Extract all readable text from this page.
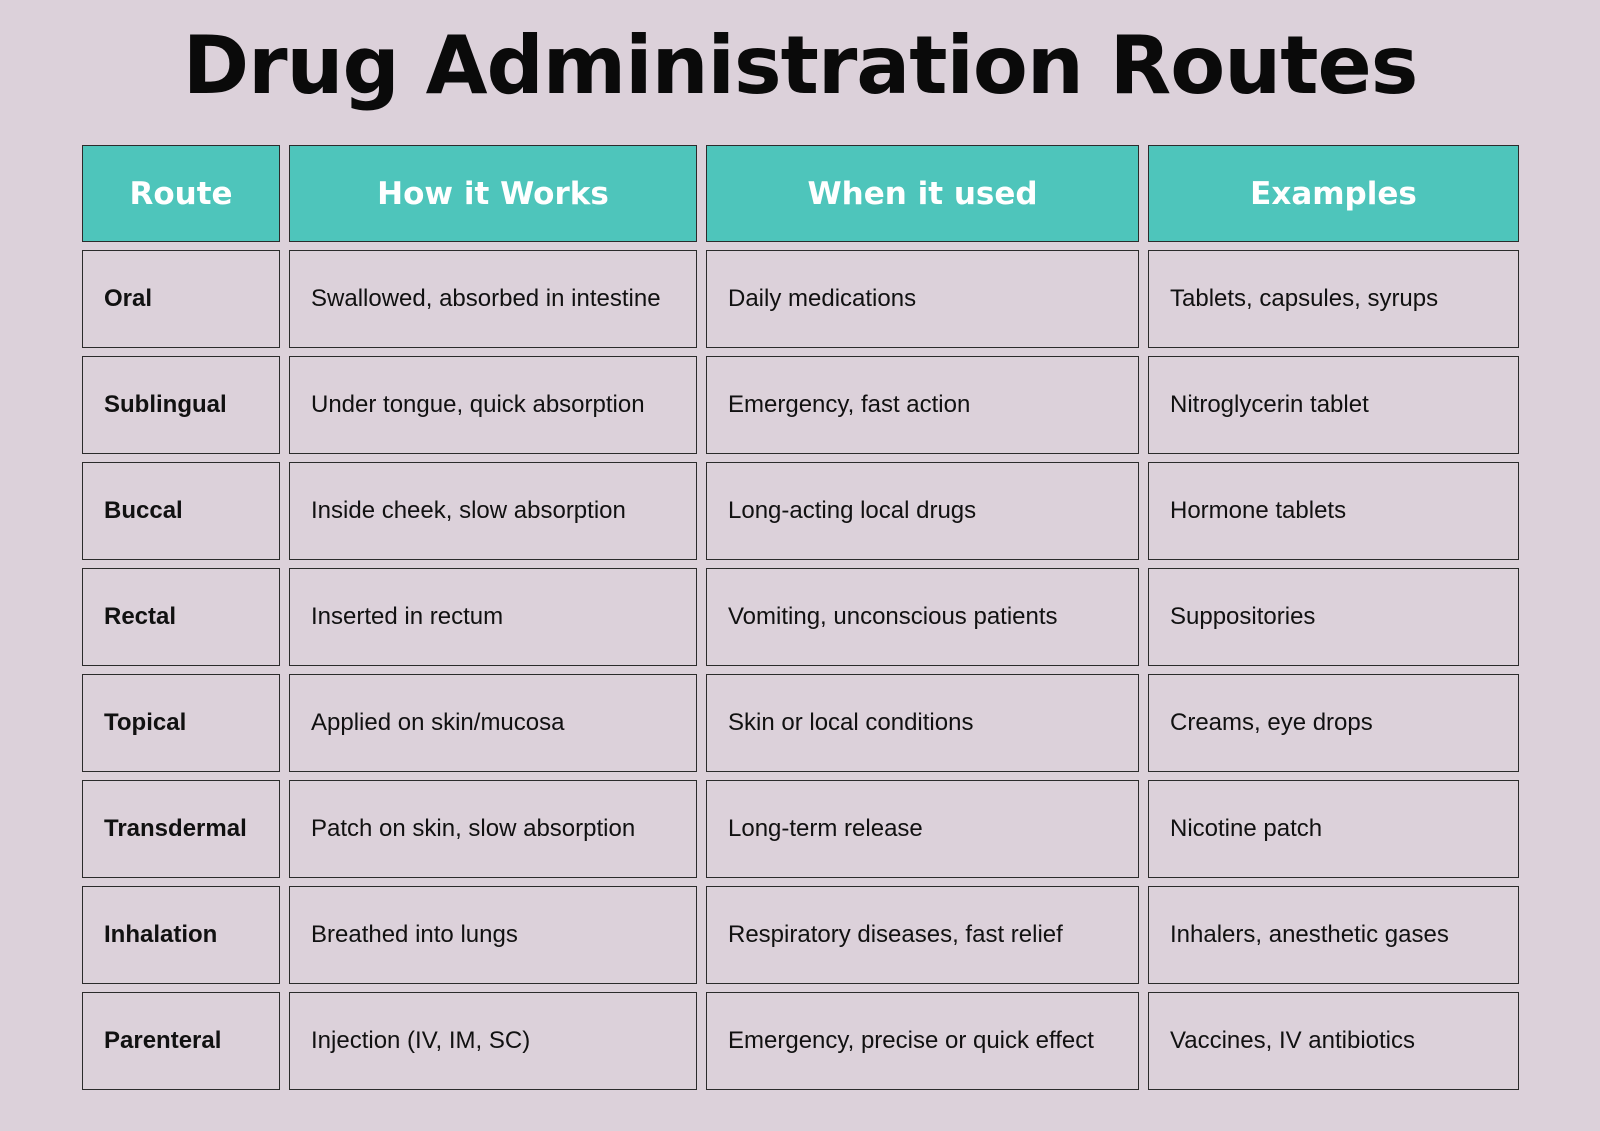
Drug Administration Routes
Route	How it Works	When it used	Examples
Oral	Swallowed, absorbed in intestine	Daily medications	Tablets, capsules, syrups
Sublingual	Under tongue, quick absorption	Emergency, fast action	Nitroglycerin tablet
Buccal	Inside cheek, slow absorption	Long-acting local drugs	Hormone tablets
Rectal	Inserted in rectum	Vomiting, unconscious patients	Suppositories
Topical	Applied on skin/mucosa	Skin or local conditions	Creams, eye drops
Transdermal	Patch on skin, slow absorption	Long-term release	Nicotine patch
Inhalation	Breathed into lungs	Respiratory diseases, fast relief	Inhalers, anesthetic gases
Parenteral	Injection (IV, IM, SC)	Emergency, precise or quick effect	Vaccines, IV antibiotics
